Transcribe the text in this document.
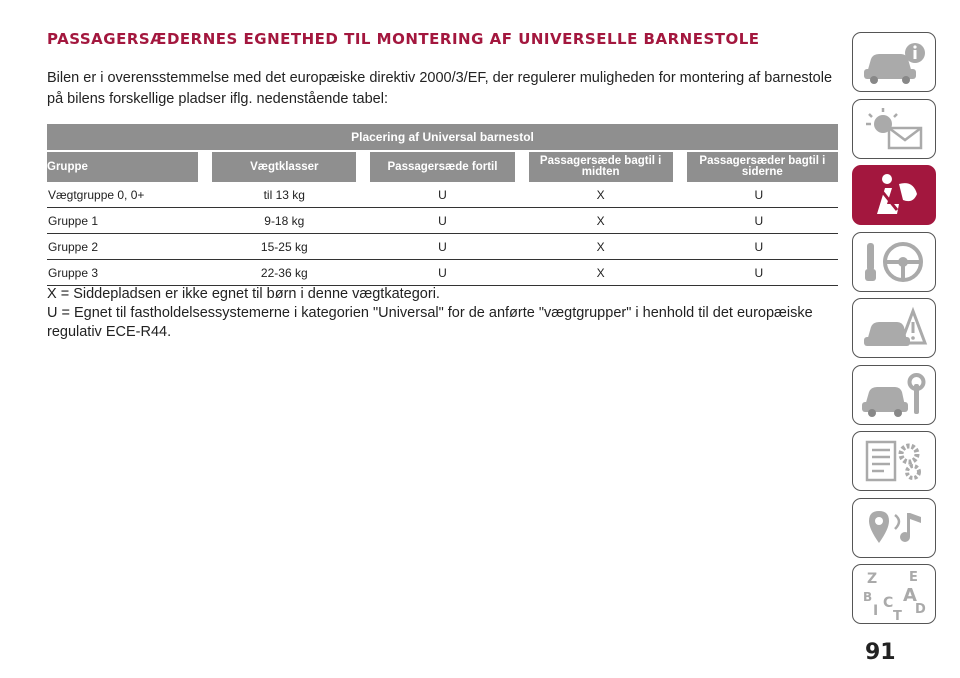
PASSAGERSÆDERNES EGNETHED TIL MONTERING AF UNIVERSELLE BARNESTOLE
Bilen er i overensstemmelse med det europæiske direktiv 2000/3/EF, der regulerer muligheden for montering af barnestole på bilens forskellige pladser iflg. nedenstående tabel:
Placering af Universal barnestol				
Gruppe	Vægtklasser	Passagersæde fortil	Passagersæde bagtil i midten	Passagersæder bagtil i siderne
Vægtgruppe 0, 0+	til 13 kg	U	X	U
Gruppe 1	9-18 kg	U	X	U
Gruppe 2	15-25 kg	U	X	U
Gruppe 3	22-36 kg	U	X	U

X = Siddepladsen er ikke egnet til børn i denne vægtkategori.

U = Egnet til fastholdelsessystemerne i kategorien "Universal" for de anførte "vægtgrupper" i henhold til det europæiske regulativ ECE-R44.

Z E
B A
I C D
T
91
